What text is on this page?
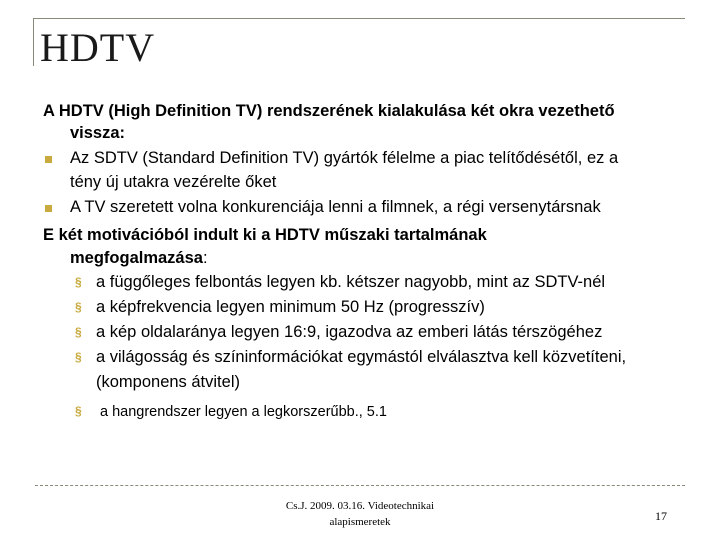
HDTV
A HDTV (High Definition TV) rendszerének kialakulása két okra vezethető
vissza:
Az SDTV (Standard Definition TV) gyártók félelme a piac telítődésétől, ez a
tény új utakra vezérelte őket
A TV szeretett volna konkurenciája lenni a filmnek, a régi versenytársnak
E két motivációból indult ki a HDTV műszaki tartalmának
megfogalmazása:
§ a függőleges felbontás legyen kb. kétszer nagyobb, mint az SDTV-nél
§ a képfrekvencia legyen minimum 50 Hz (progresszív)
§ a kép oldalaránya legyen 16:9, igazodva az emberi látás térszögéhez
§ a világosság és színinformációkat egymástól elválasztva kell közvetíteni,
(komponens átvitel)
§ a hangrendszer legyen a legkorszerűbb., 5.1
Cs.J. 2009. 03.16. Videotechnikai
alapismeretek	17
